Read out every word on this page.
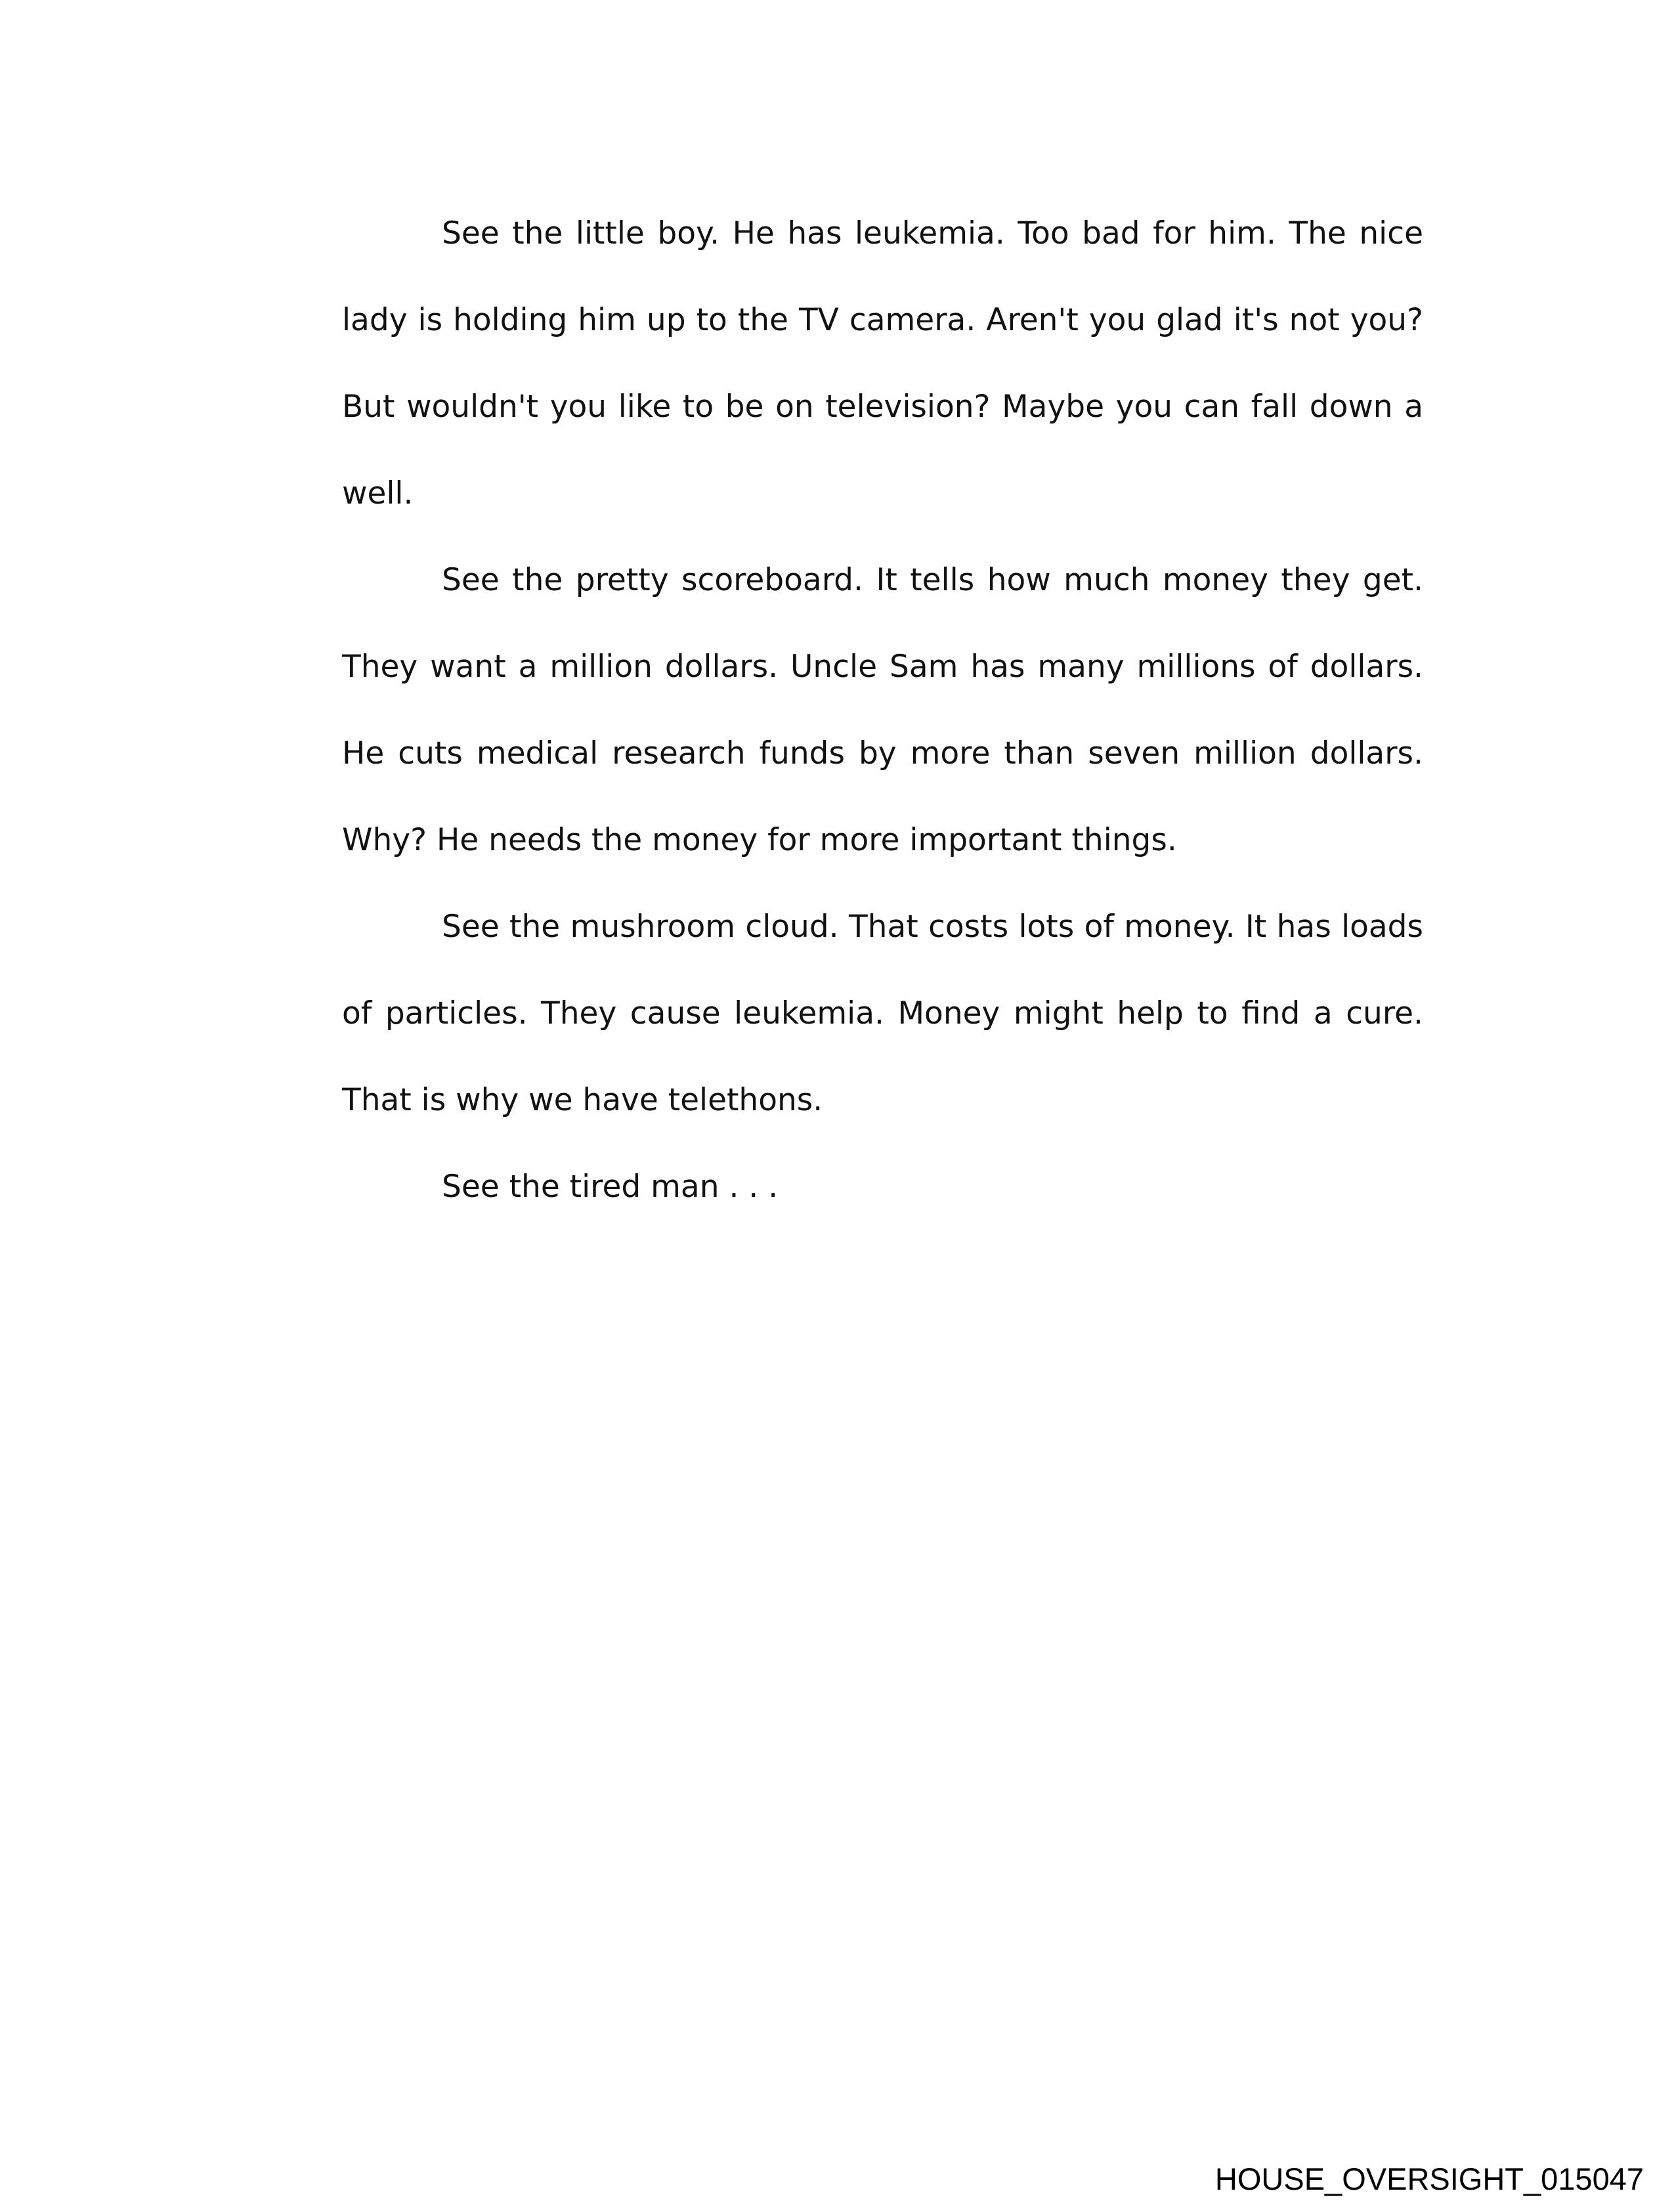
See the little boy. He has leukemia. Too bad for him. The nice lady is holding him up to the TV camera. Aren't you glad it's not you? But wouldn't you like to be on television? Maybe you can fall down a well.

See the pretty scoreboard. It tells how much money they get. They want a million dollars. Uncle Sam has many millions of dollars. He cuts medical research funds by more than seven million dollars. Why? He needs the money for more important things.

See the mushroom cloud. That costs lots of money. It has loads of particles. They cause leukemia. Money might help to find a cure. That is why we have telethons.

See the tired man . . .

HOUSE_OVERSIGHT_015047
